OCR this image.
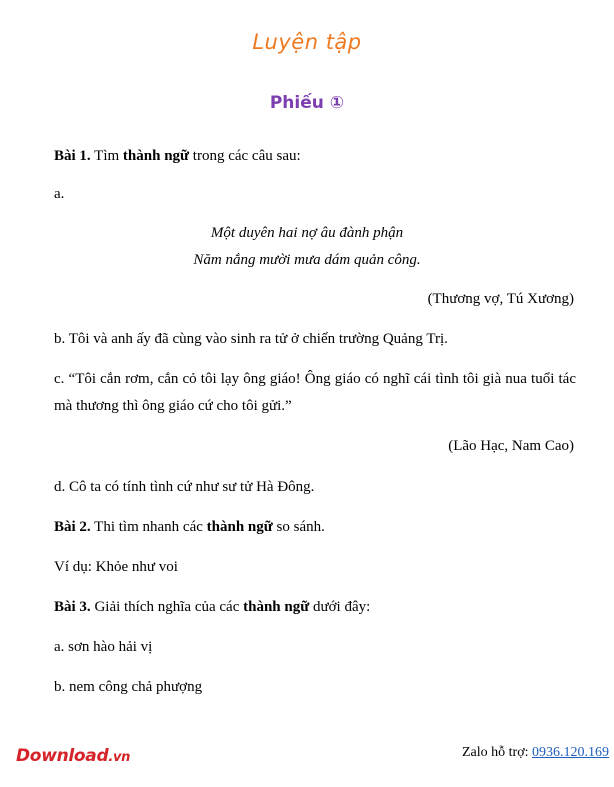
Luyện tập
Phiếu ①
Bài 1. Tìm thành ngữ trong các câu sau:
a.
Một duyên hai nợ âu đành phận
Năm nắng mười mưa dám quản công.
(Thương vợ, Tú Xương)
b. Tôi và anh ấy đã cùng vào sinh ra tử ở chiến trường Quảng Trị.
c. “Tôi cắn rơm, cắn cỏ tôi lạy ông giáo! Ông giáo có nghĩ cái tình tôi già nua tuổi tác mà thương thì ông giáo cứ cho tôi gửi.”
(Lão Hạc, Nam Cao)
d. Cô ta có tính tình cứ như sư tử Hà Đông.
Bài 2. Thi tìm nhanh các thành ngữ so sánh.
Ví dụ: Khỏe như voi
Bài 3. Giải thích nghĩa của các thành ngữ dưới đây:
a. sơn hào hải vị
b. nem công chả phượng
Download.vn	Zalo hỗ trợ: 0936.120.169
